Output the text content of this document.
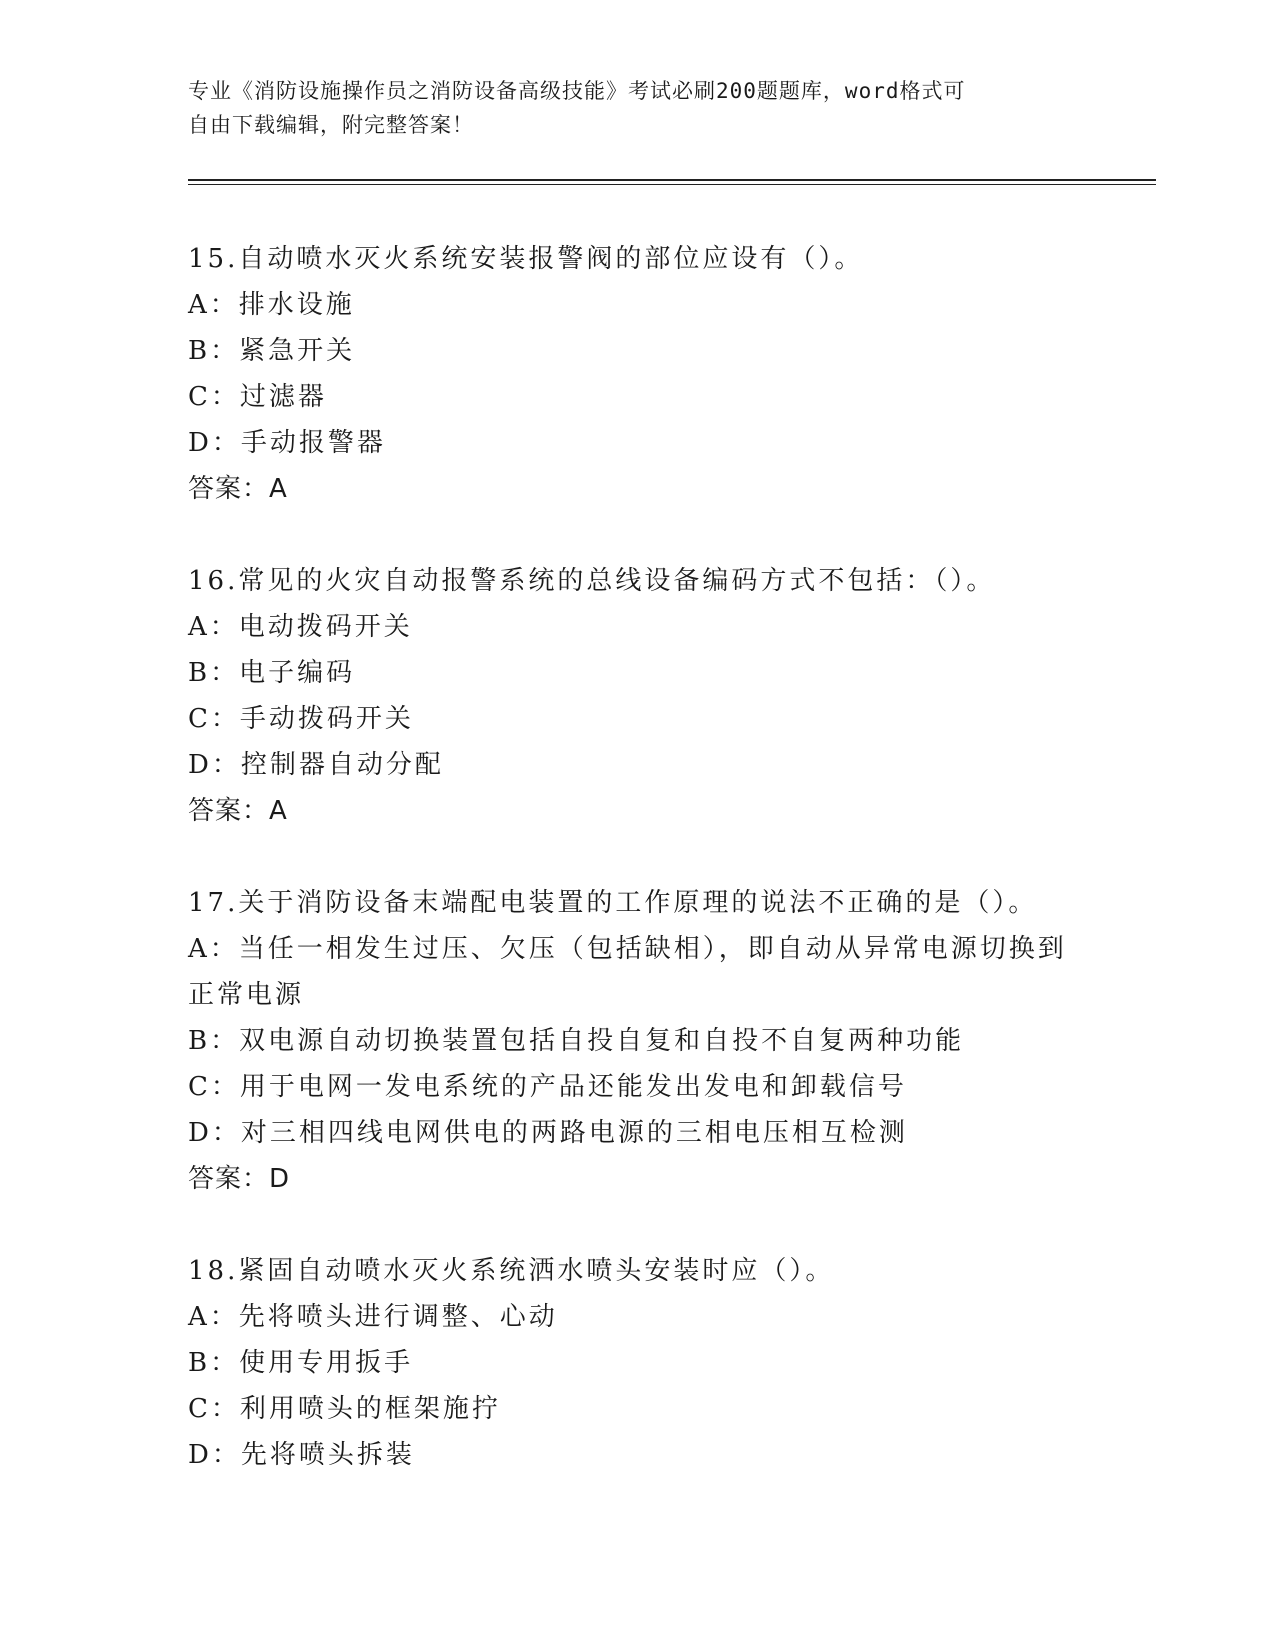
专业《消防设施操作员之消防设备高级技能》考试必刷200题题库，word格式可
自由下载编辑，附完整答案！
15.自动喷水灭火系统安装报警阀的部位应设有（）。
A：排水设施
B：紧急开关
C：过滤器
D：手动报警器
答案：A
16.常见的火灾自动报警系统的总线设备编码方式不包括：（）。
A：电动拨码开关
B：电子编码
C：手动拨码开关
D：控制器自动分配
答案：A
17.关于消防设备末端配电装置的工作原理的说法不正确的是（）。
A：当任一相发生过压、欠压（包括缺相），即自动从异常电源切换到正常电源
B：双电源自动切换装置包括自投自复和自投不自复两种功能
C：用于电网一发电系统的产品还能发出发电和卸载信号
D：对三相四线电网供电的两路电源的三相电压相互检测
答案：D
18.紧固自动喷水灭火系统洒水喷头安装时应（）。
A：先将喷头进行调整、心动
B：使用专用扳手
C：利用喷头的框架施拧
D：先将喷头拆装
